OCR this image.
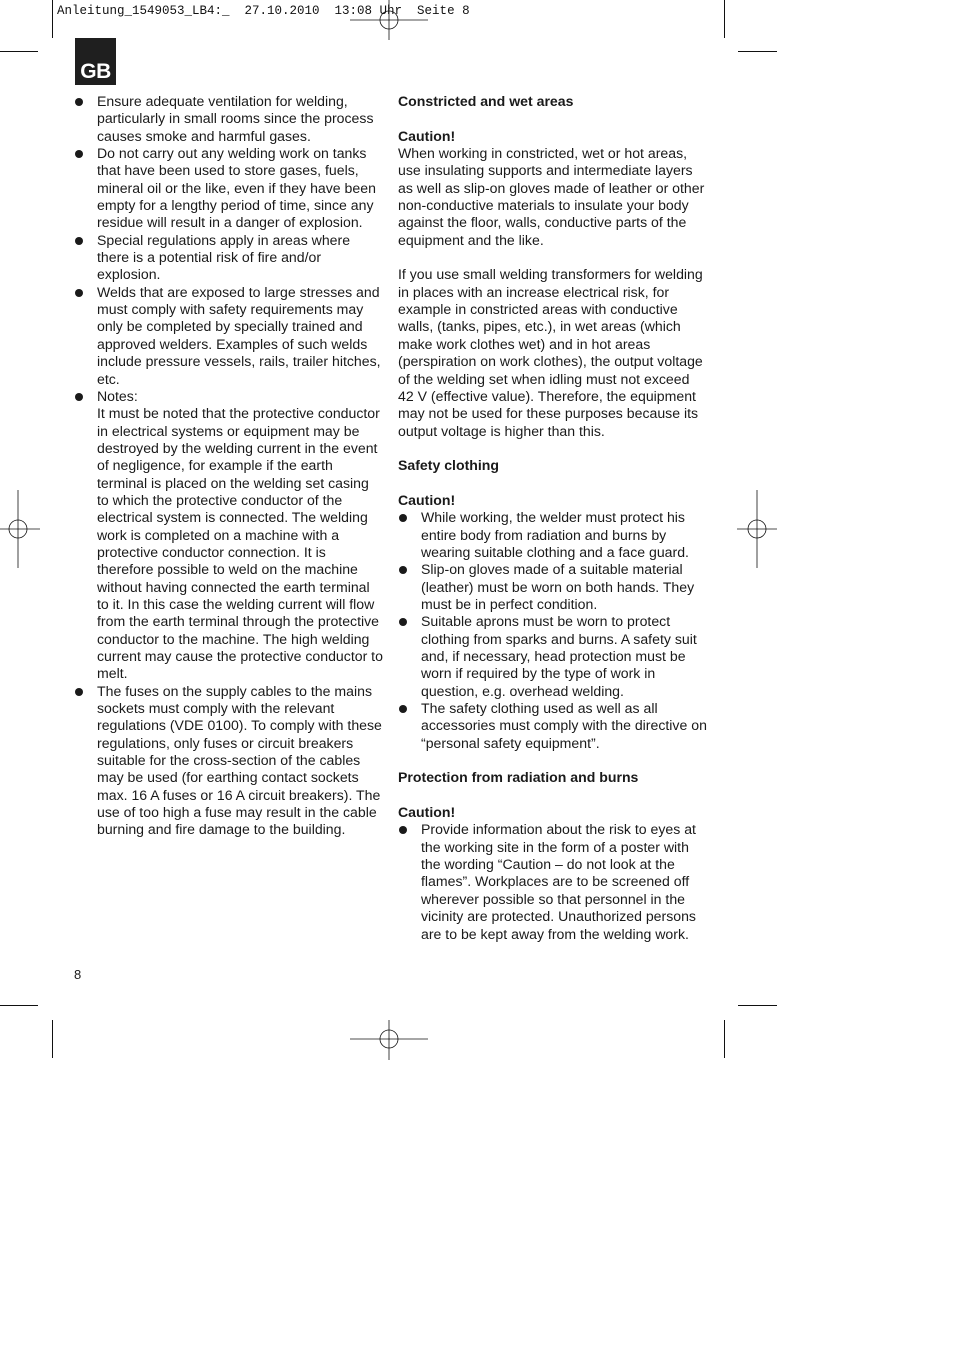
Anleitung_1549053_LB4:_  27.10.2010  13:08 Uhr  Seite 8
GB
Ensure adequate ventilation for welding, particularly in small rooms since the process causes smoke and harmful gases.
Do not carry out any welding work on tanks that have been used to store gases, fuels, mineral oil or the like, even if they have been empty for a lengthy period of time, since any residue will result in a danger of explosion.
Special regulations apply in areas where there is a potential risk of fire and/or explosion.
Welds that are exposed to large stresses and must comply with safety requirements may only be completed by specially trained and approved welders. Examples of such welds include pressure vessels, rails, trailer hitches, etc.
Notes:
It must be noted that the protective conductor in electrical systems or equipment may be destroyed by the welding current in the event of negligence, for example if the earth terminal is placed on the welding set casing to which the protective conductor of the electrical system is connected. The welding work is completed on a machine with a protective conductor connection. It is therefore possible to weld on the machine without having connected the earth terminal to it. In this case the welding current will flow from the earth terminal through the protective conductor to the machine. The high welding current may cause the protective conductor to melt.
The fuses on the supply cables to the mains sockets must comply with the relevant regulations (VDE 0100). To comply with these regulations, only fuses or circuit breakers suitable for the cross-section of the cables may be used (for earthing contact sockets max. 16 A fuses or 16 A circuit breakers). The use of too high a fuse may result in the cable burning and fire damage to the building.

Constricted and wet areas

Caution!

When working in constricted, wet or hot areas, use insulating supports and intermediate layers as well as slip-on gloves made of leather or other non-conductive materials to insulate your body against the floor, walls, conductive parts of the equipment and the like.

If you use small welding transformers for welding in places with an increase electrical risk, for example in constricted areas with conductive walls, (tanks, pipes, etc.), in wet areas (which make work clothes wet) and in hot areas (perspiration on work clothes), the output voltage of the welding set when idling must not exceed 42 V (effective value). Therefore, the equipment may not be used for these purposes because its output voltage is higher than this.

Safety clothing

Caution!

While working, the welder must protect his entire body from radiation and burns by wearing suitable clothing and a face guard.
Slip-on gloves made of a suitable material (leather) must be worn on both hands. They must be in perfect condition.
Suitable aprons must be worn to protect clothing from sparks and burns. A safety suit and, if necessary, head protection must be worn if required by the type of work in question, e.g. overhead welding.
The safety clothing used as well as all accessories must comply with the directive on “personal safety equipment”.

Protection from radiation and burns

Caution!

Provide information about the risk to eyes at the working site in the form of a poster with the wording “Caution – do not look at the flames”. Workplaces are to be screened off wherever possible so that personnel in the vicinity are protected. Unauthorized persons are to be kept away from the welding work.
8
